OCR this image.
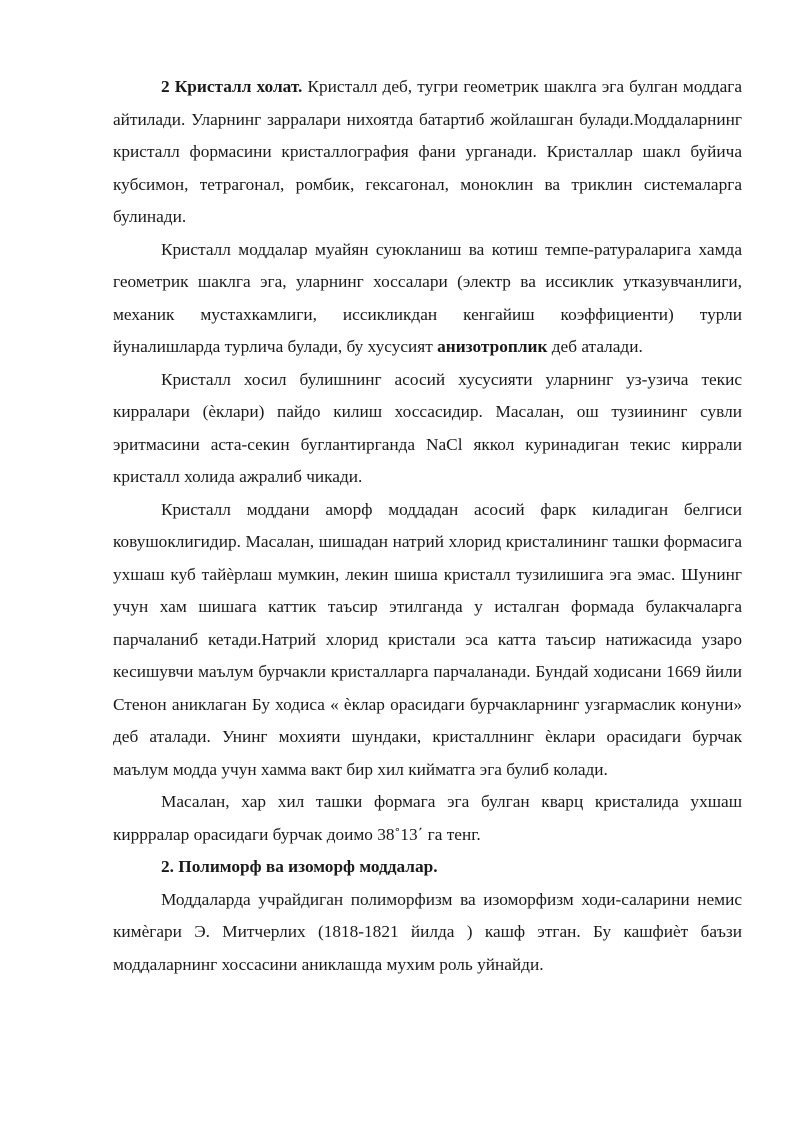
2 Кристалл холат. Кристалл деб, тугри геометрик шаклга эга булган моддага айтилади. Уларнинг зарралари нихоятда батартиб жойлашган булади.Моддаларнинг кристалл формасини кристаллография фани урганади. Кристаллар шакл буйича кубсимон, тетрагонал, ромбик, гексагонал, моноклин ва триклин системаларга булинади.

Кристалл моддалар муайян суюкланиш ва котиш темпе-ратураларига хамда геометрик шаклга эга, уларнинг хоссалари (электр ва иссиклик утказувчанлиги, механик мустахкамлиги, иссикликдан кенгайиш коэффициенти) турли йуналишларда турлича булади, бу хусусият анизотроплик деб аталади.

Кристалл хосил булишнинг асосий хусусияти уларнинг уз-узича текис кирралари (ѐклари) пайдо килиш хоссасидир. Масалан, ош тузиининг сувли эритмасини аста-секин буглантирганда NaCl яккол куринадиган текис киррали кристалл холида ажралиб чикади.

Кристалл моддани аморф моддадан асосий фарк киладиган белгиси ковушоклигидир. Масалан, шишадан натрий хлорид кристалининг ташки формасига ухшаш куб тайѐрлаш мумкин, лекин шиша кристалл тузилишига эга эмас. Шунинг учун хам шишага каттик таъсир этилганда у исталган формада булакчаларга парчаланиб кетади.Натрий хлорид кристали эса катта таъсир натижасида узаро кесишувчи маълум бурчакли кристалларга парчаланади. Бундай ходисани 1669 йили Стенон аниклаган Бу ходиса « ѐклар орасидаги бурчакларнинг узгармаслик конуни» деб аталади. Унинг мохияти шундаки, кристаллнинг ѐклари орасидаги бурчак маълум модда учун хамма вакт бир хил кийматга эга булиб колади.

Масалан, хар хил ташки формага эга булган кварц кристалида ухшаш киррралар орасидаги бурчак доимо 38˚13΄ га тенг.

2. Полиморф ва изоморф моддалар.

Моддаларда учрайдиган полиморфизм ва изоморфизм ходи-саларини немис кимѐгари Э. Митчерлих (1818-1821 йилда ) кашф этган. Бу кашфиѐт баъзи моддаларнинг хоссасини аниклашда мухим роль уйнайди.
